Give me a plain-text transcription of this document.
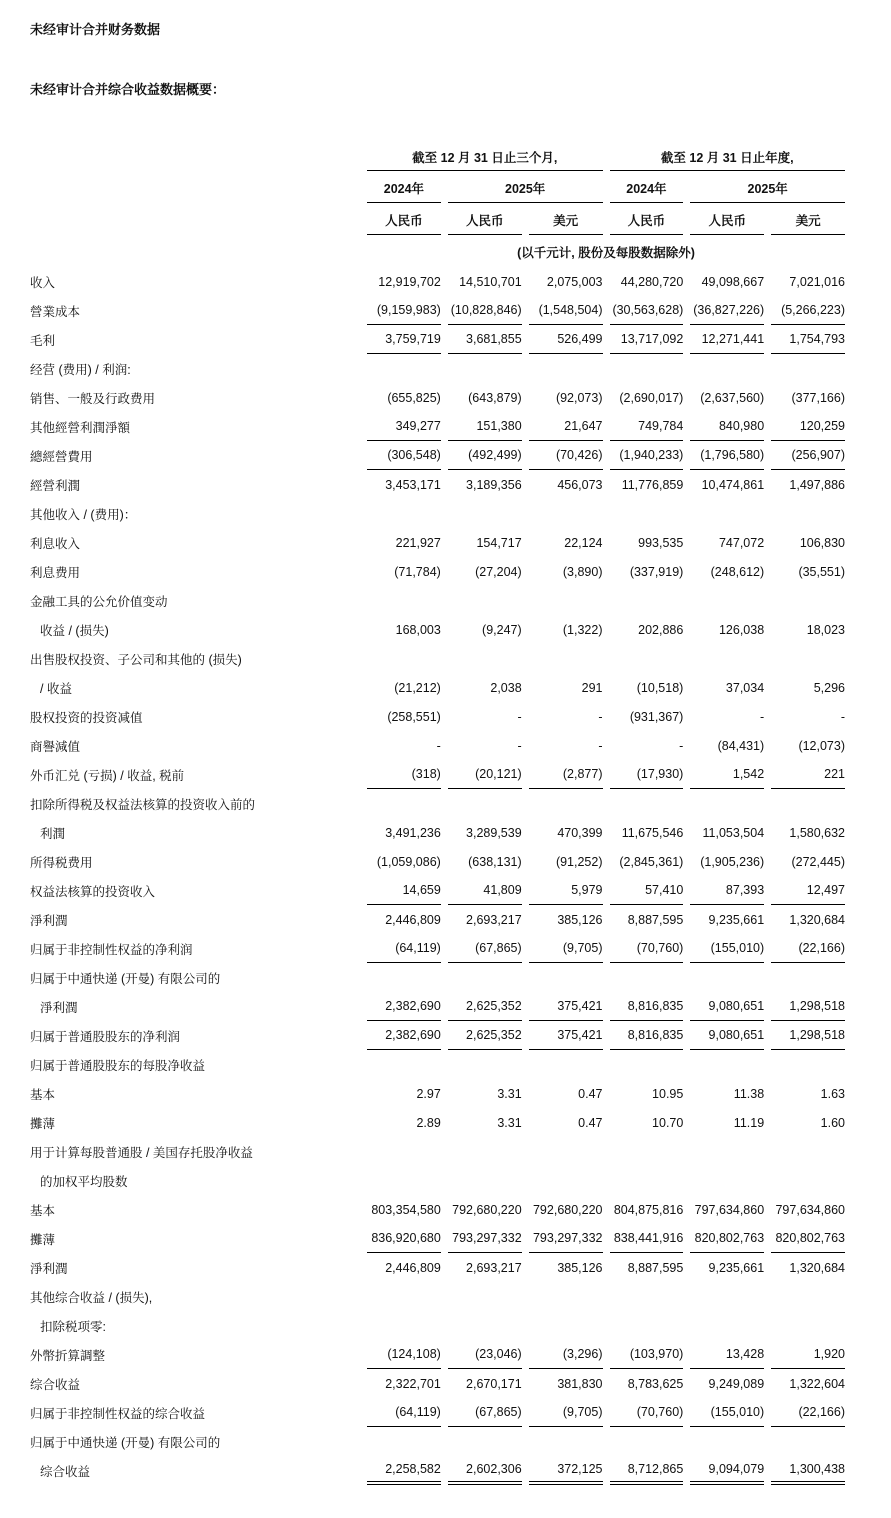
未经审计合并财务数据
未经审计合并综合收益数据概要：
截至 12 月 31 日止三个月,	截至 12 月 31 日止年度,
2024年	2025年	2024年	2025年
人民币	人民币	美元	人民币	人民币	美元
(以千元计, 股份及每股数据除外)
收入	12,919,702	14,510,701	2,075,003	44,280,720	49,098,667	7,021,016
營業成本	(9,159,983) (10,828,846)	(1,548,504) (30,563,628) (36,827,226)	(5,266,223)
毛利	3,759,719	3,681,855	526,499	13,717,092	12,271,441	1,754,793
经营 (费用) / 利润:
销售、一般及行政费用	(655,825)	(643,879)	(92,073)	(2,690,017)	(2,637,560)	(377,166)
其他經營利潤淨額	349,277	151,380	21,647	749,784	840,980	120,259
總經營費用	(306,548)	(492,499)	(70,426)	(1,940,233)	(1,796,580)	(256,907)
經營利潤	3,453,171	3,189,356	456,073	11,776,859	10,474,861	1,497,886
其他收入 / (费用)：
利息收入	221,927	154,717	22,124	993,535	747,072	106,830
利息费用	(71,784)	(27,204)	(3,890)	(337,919)	(248,612)	(35,551)
金融工具的公允价值变动
收益 / (损失)	168,003	(9,247)	(1,322)	202,886	126,038	18,023
出售股权投资、子公司和其他的 (损失)
/ 收益	(21,212)	2,038	291	(10,518)	37,034	5,296
股权投资的投资减值	(258,551)	-	-	(931,367)	-	-
商譽減值	-	-	-	-	(84,431)	(12,073)
外币汇兑 (亏损) / 收益, 税前	(318)	(20,121)	(2,877)	(17,930)	1,542	221
扣除所得税及权益法核算的投资收入前的
利潤	3,491,236	3,289,539	470,399	11,675,546	11,053,504	1,580,632
所得税费用	(1,059,086)	(638,131)	(91,252)	(2,845,361)	(1,905,236)	(272,445)
权益法核算的投资收入	14,659	41,809	5,979	57,410	87,393	12,497
淨利潤	2,446,809	2,693,217	385,126	8,887,595	9,235,661	1,320,684
归属于非控制性权益的净利润	(64,119)	(67,865)	(9,705)	(70,760)	(155,010)	(22,166)
归属于中通快递 (开曼) 有限公司的
淨利潤	2,382,690	2,625,352	375,421	8,816,835	9,080,651	1,298,518
归属于普通股股东的净利润	2,382,690	2,625,352	375,421	8,816,835	9,080,651	1,298,518
归属于普通股股东的每股净收益
基本	2.97	3.31	0.47	10.95	11.38	1.63
攤薄	2.89	3.31	0.47	10.70	11.19	1.60
用于计算每股普通股 / 美国存托股净收益
的加权平均股数
基本	803,354,580 792,680,220 792,680,220 804,875,816 797,634,860 797,634,860
攤薄	836,920,680 793,297,332 793,297,332 838,441,916 820,802,763 820,802,763
淨利潤	2,446,809	2,693,217	385,126	8,887,595	9,235,661	1,320,684
其他综合收益 / (损失),
扣除税项零:
外幣折算調整	(124,108)	(23,046)	(3,296)	(103,970)	13,428	1,920
综合收益	2,322,701	2,670,171	381,830	8,783,625	9,249,089	1,322,604
归属于非控制性权益的综合收益	(64,119)	(67,865)	(9,705)	(70,760)	(155,010)	(22,166)
归属于中通快递 (开曼) 有限公司的
综合收益	2,258,582	2,602,306	372,125	8,712,865	9,094,079	1,300,438
